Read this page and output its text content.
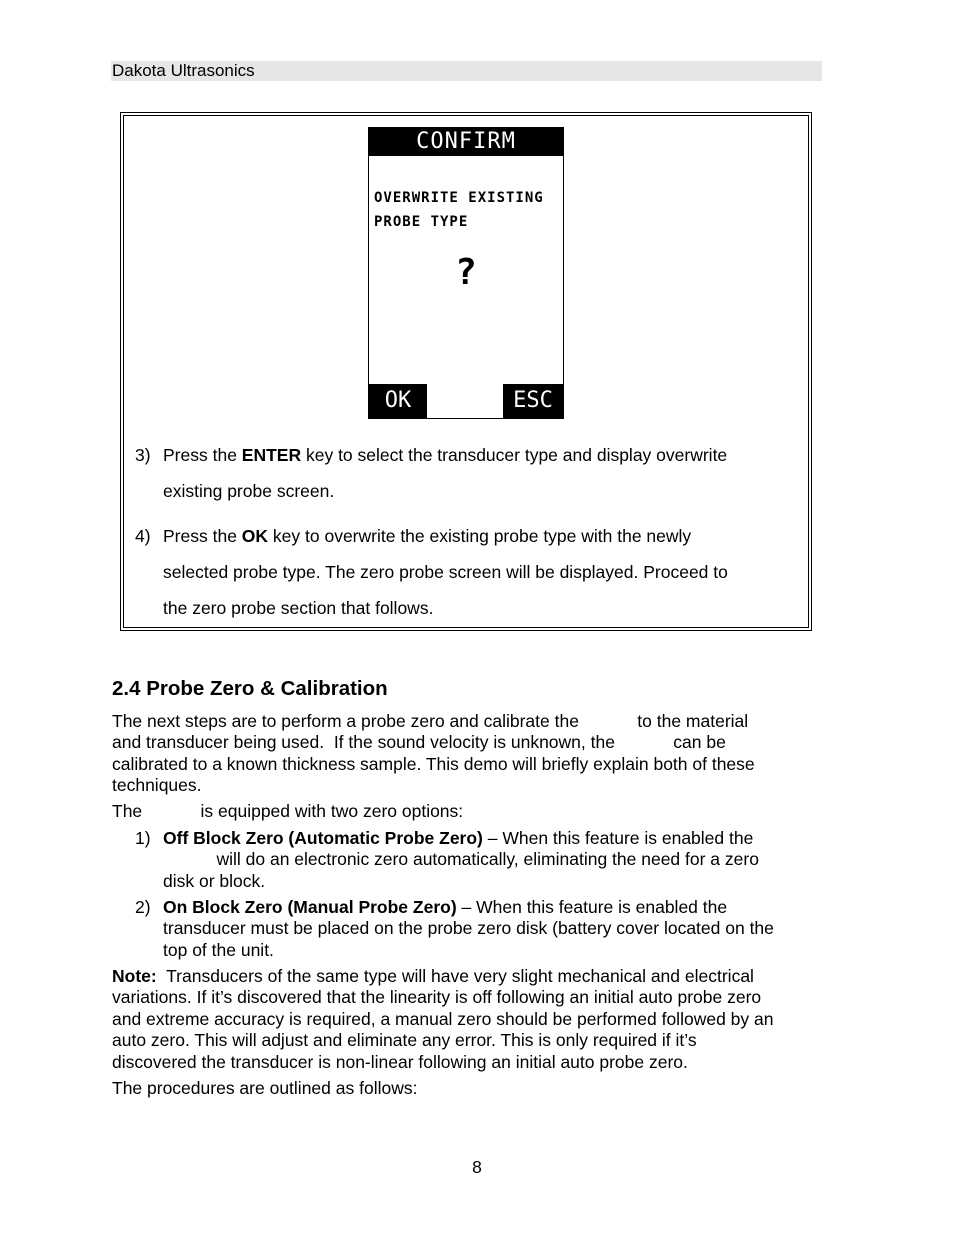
Dakota Ultrasonics
CONFIRM
OVERWRITE EXISTING
PROBE TYPE
?
OK	ESC
3) Press the ENTER key to select the transducer type and display overwrite
existing probe screen.
4) Press the OK key to overwrite the existing probe type with the newly
selected probe type. The zero probe screen will be displayed. Proceed to
the zero probe section that follows.
2.4 Probe Zero & Calibration
The next steps are to perform a probe zero and calibrate the            to the material
and transducer being used.  If the sound velocity is unknown, the            can be
calibrated to a known thickness sample. This demo will briefly explain both of these
techniques.
The            is equipped with two zero options:
1) Off Block Zero (Automatic Probe Zero) – When this feature is enabled the
will do an electronic zero automatically, eliminating the need for a zero
disk or block.
2) On Block Zero (Manual Probe Zero) – When this feature is enabled the
transducer must be placed on the probe zero disk (battery cover located on the
top of the unit.
Note:  Transducers of the same type will have very slight mechanical and electrical
variations. If it’s discovered that the linearity is off following an initial auto probe zero
and extreme accuracy is required, a manual zero should be performed followed by an
auto zero. This will adjust and eliminate any error. This is only required if it’s
discovered the transducer is non-linear following an initial auto probe zero.
The procedures are outlined as follows:
8
